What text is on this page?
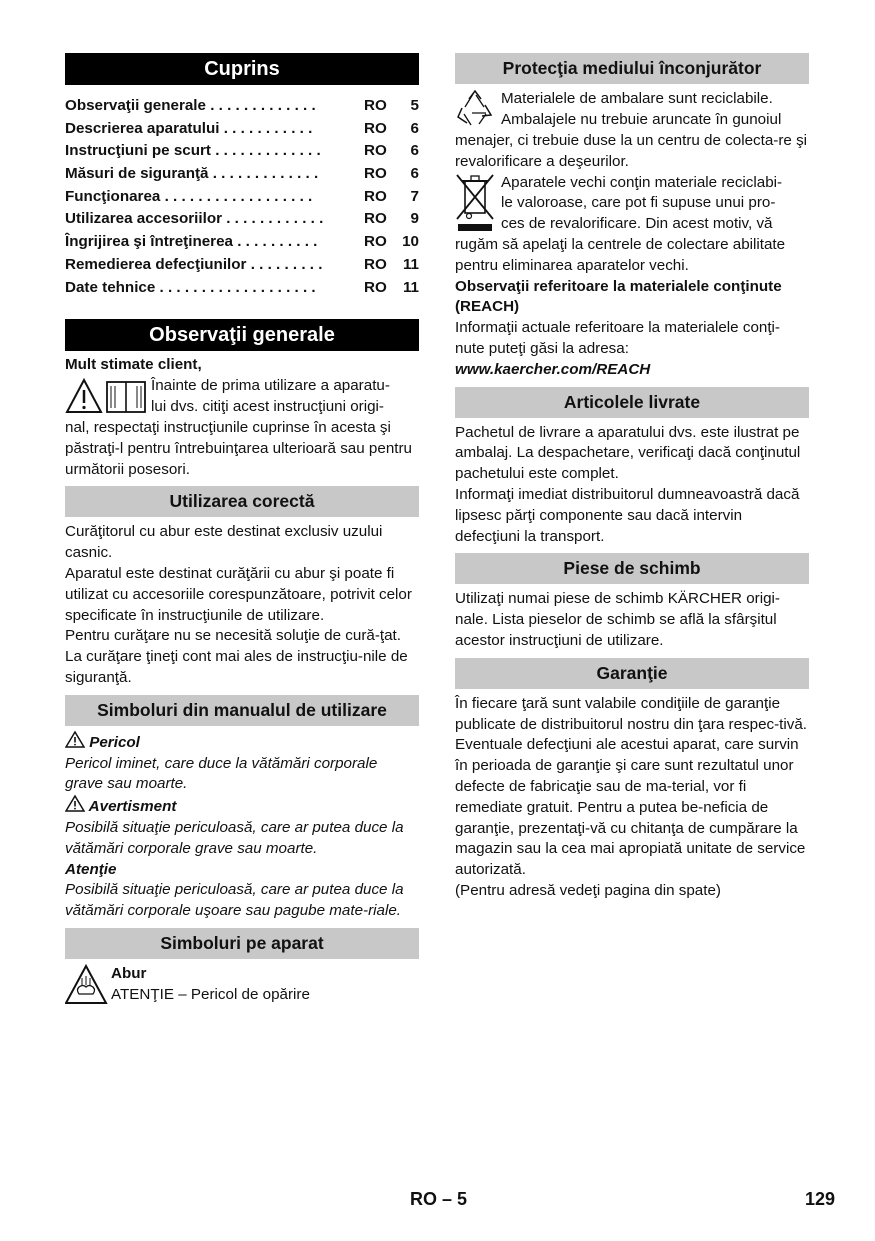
Cuprins
Observaţii generale . . . . . . . . . . . . .	RO	5
Descrierea aparatului . . . . . . . . . . .	RO	6
Instrucţiuni pe scurt . . . . . . . . . . . . .	RO	6
Măsuri de siguranţă . . . . . . . . . . . . .	RO	6
Funcţionarea . . . . . . . . . . . . . . . . . .	RO	7
Utilizarea accesoriilor . . . . . . . . . . . .	RO	9
Îngrijirea şi întreţinerea . . . . . . . . . .	RO	10
Remedierea defecţiunilor . . . . . . . . .	RO	11
Date tehnice . . . . . . . . . . . . . . . . . . .	RO	11
Observaţii generale

Mult stimate client,

Înainte de prima utilizare a aparatu-

lui dvs. citiţi acest instrucţiuni origi-

nal, respectaţi instrucţiunile cuprinse în acesta şi păstraţi-l pentru întrebuinţarea ulterioară sau pentru următorii posesori.

Utilizarea corectă

Curăţitorul cu abur este destinat exclusiv uzului casnic.

Aparatul este destinat curăţării cu abur şi poate fi utilizat cu accesoriile corespunzătoare, potrivit celor specificate în instrucţiunile de utilizare.

Pentru curăţare nu se necesită soluţie de cură-ţat. La curăţare ţineţi cont mai ales de instrucţiu-nile de siguranţă.

Simboluri din manualul de utilizare

Pericol

Pericol iminet, care duce la vătămări corporale grave sau moarte.

Avertisment

Posibilă situaţie periculoasă, care ar putea duce la vătămări corporale grave sau moarte.

Atenţie

Posibilă situaţie periculoasă, care ar putea duce la vătămări corporale uşoare sau pagube mate-riale.

Simboluri pe aparat

Abur

ATENŢIE – Pericol de opărire

Protecţia mediului înconjurător

Materialele de ambalare sunt reciclabile.

Ambalajele nu trebuie aruncate în gunoiul

menajer, ci trebuie duse la un centru de colecta-re şi revalorificare a deşeurilor.

Aparatele vechi conţin materiale reciclabi-

le valoroase, care pot fi supuse unui pro-

ces de revalorificare. Din acest motiv, vă

rugăm să apelaţi la centrele de colectare abilitate pentru eliminarea aparatelor vechi.

Observaţii referitoare la materialele conţinute (REACH)

Informaţii actuale referitoare la materialele conţi-nute puteţi găsi la adresa:

www.kaercher.com/REACH

Articolele livrate

Pachetul de livrare a aparatului dvs. este ilustrat pe ambalaj. La despachetare, verificaţi dacă conţinutul pachetului este complet.

Informaţi imediat distribuitorul dumneavoastră dacă lipsesc părţi componente sau dacă intervin defecţiuni la transport.

Piese de schimb

Utilizaţi numai piese de schimb KÄRCHER origi-nale. Lista pieselor de schimb se află la sfârşitul acestor instrucţiuni de utilizare.

Garanţie

În fiecare ţară sunt valabile condiţiile de garanţie publicate de distribuitorul nostru din ţara respec-tivă. Eventuale defecţiuni ale acestui aparat, care survin în perioada de garanţie şi care sunt rezultatul unor defecte de fabricaţie sau de ma-terial, vor fi remediate gratuit. Pentru a putea be-neficia de garanţie, prezentaţi-vă cu chitanţa de cumpărare la magazin sau la cea mai apropiată unitate de service autorizată.

(Pentru adresă vedeţi pagina din spate)

RO – 5	129
